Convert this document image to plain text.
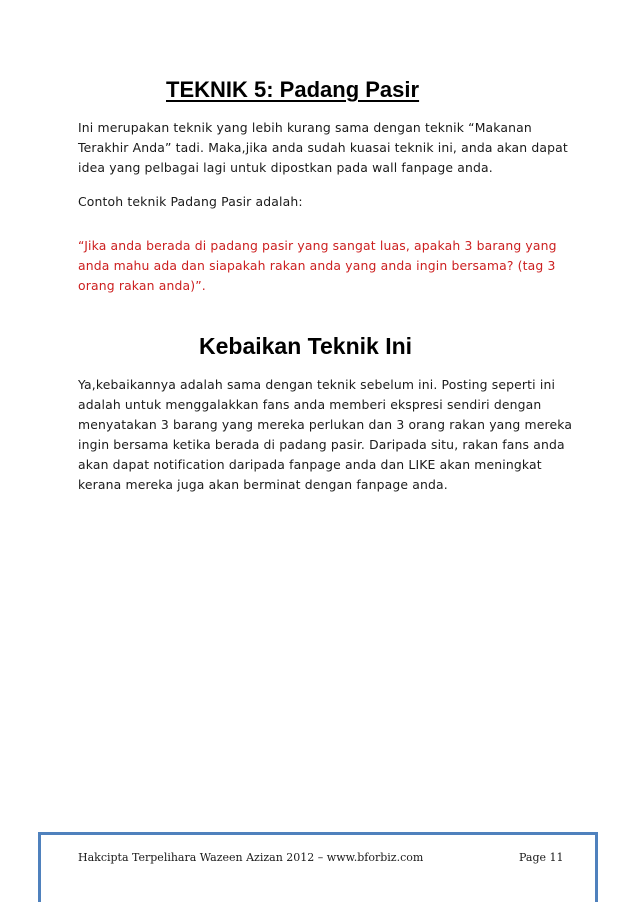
TEKNIK 5: Padang Pasir

Ini merupakan teknik yang lebih kurang sama dengan teknik “Makanan
Terakhir Anda” tadi. Maka,jika anda sudah kuasai teknik ini, anda akan dapat
idea yang pelbagai lagi untuk dipostkan pada wall fanpage anda.

Contoh teknik Padang Pasir adalah:

“Jika anda berada di padang pasir yang sangat luas, apakah 3 barang yang
anda mahu ada dan siapakah rakan anda yang anda ingin bersama? (tag 3
orang rakan anda)”.

Kebaikan Teknik Ini

Ya,kebaikannya adalah sama dengan teknik sebelum ini. Posting seperti ini
adalah untuk menggalakkan fans anda memberi ekspresi sendiri dengan
menyatakan 3 barang yang mereka perlukan dan 3 orang rakan yang mereka
ingin bersama ketika berada di padang pasir. Daripada situ, rakan fans anda
akan dapat notification daripada fanpage anda dan LIKE akan meningkat
kerana mereka juga akan berminat dengan fanpage anda.

Hakcipta Terpelihara Wazeen Azizan 2012 – www.bforbiz.com	Page 11
